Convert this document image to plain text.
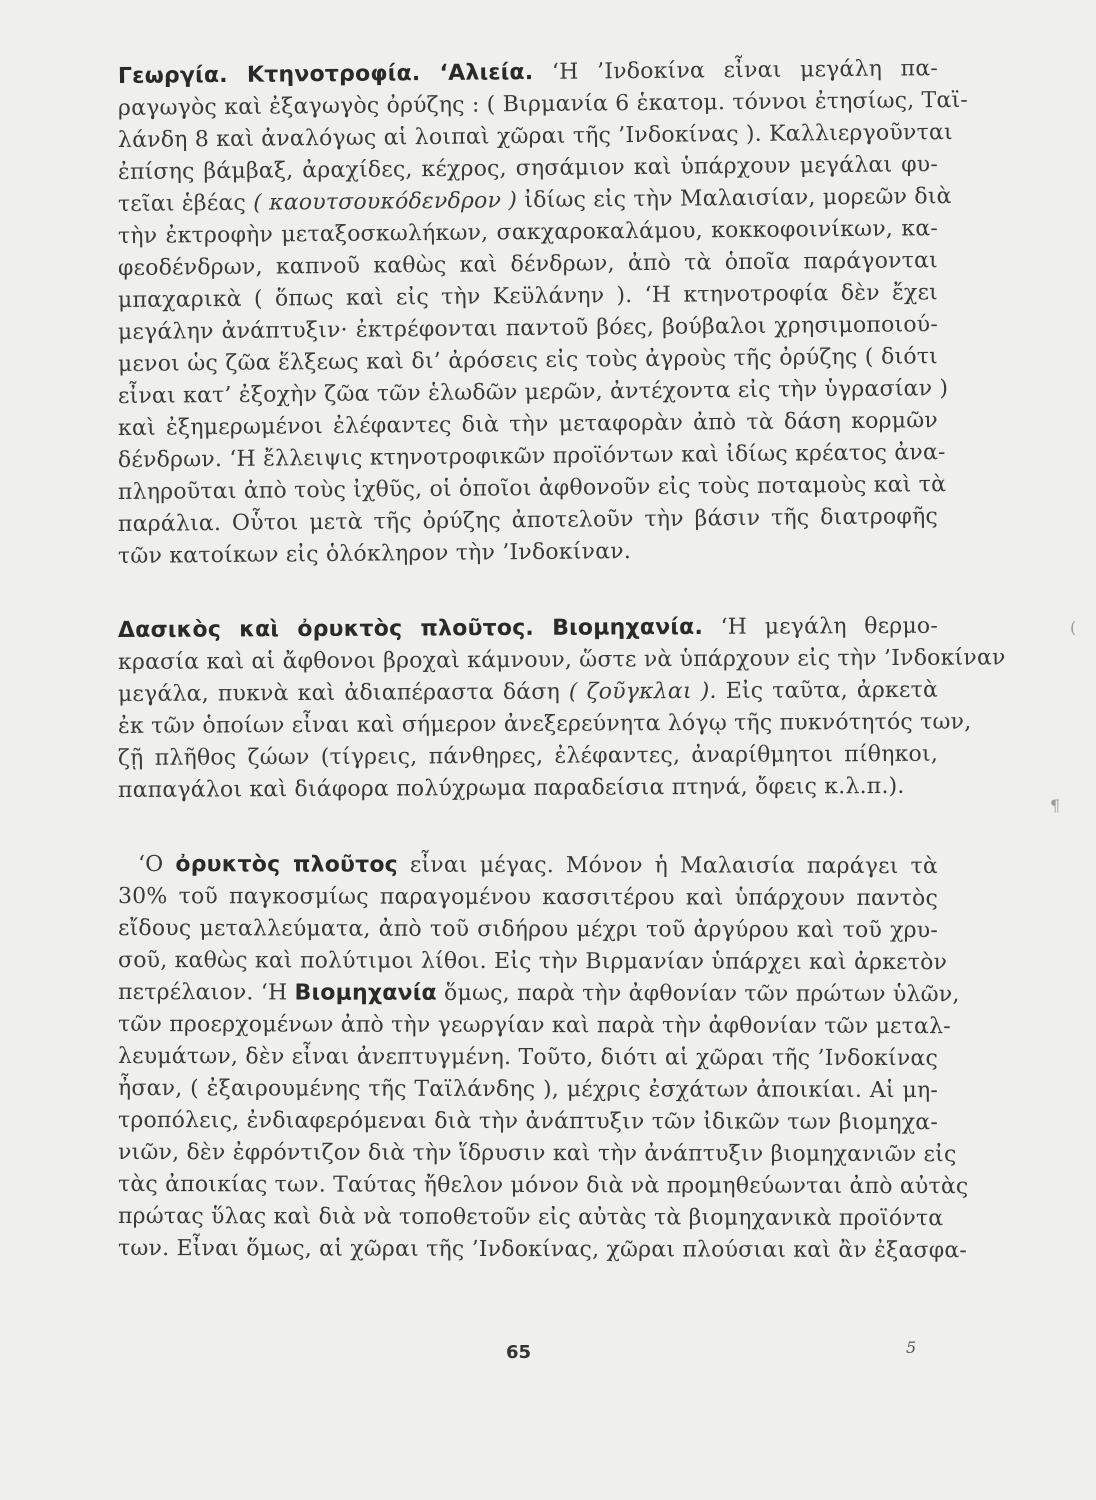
Γεωργία. Κτηνοτροφία. ‘Αλιεία. ‘Η ’Ινδοκίνα εἶναι μεγάλη πα-
ραγωγὸς καὶ ἐξαγωγὸς ὀρύζης : ( Βιρμανία 6 ἑκατομ. τόννοι ἐτησίως, Ταϊ-
λάνδη 8 καὶ ἀναλόγως αἱ λοιπαὶ χῶραι τῆς ’Ινδοκίνας ). Καλλιεργοῦνται
ἐπίσης βάμβαξ, ἀραχίδες, κέχρος, σησάμιον καὶ ὑπάρχουν μεγάλαι φυ-
τεῖαι ἑβέας ( καουτσουκόδενδρον ) ἰδίως εἰς τὴν Μαλαισίαν, μορεῶν διὰ
τὴν ἐκτροφὴν μεταξοσκωλήκων, σακχαροκαλάμου, κοκκοφοινίκων, κα-
φεοδένδρων, καπνοῦ καθὼς καὶ δένδρων, ἀπὸ τὰ ὁποῖα παράγονται
μπαχαρικὰ ( ὅπως καὶ εἰς τὴν Κεϋλάνην ). ‘Η κτηνοτροφία δὲν ἔχει
μεγάλην ἀνάπτυξιν· ἐκτρέφονται παντοῦ βόες, βούβαλοι χρησιμοποιού-
μενοι ὡς ζῶα ἕλξεως καὶ δι’ ἀρόσεις εἰς τοὺς ἀγροὺς τῆς ὀρύζης ( διότι
εἶναι κατ’ ἐξοχὴν ζῶα τῶν ἑλωδῶν μερῶν, ἀντέχοντα εἰς τὴν ὑγρασίαν )
καὶ ἐξημερωμένοι ἐλέφαντες διὰ τὴν μεταφορὰν ἀπὸ τὰ δάση κορμῶν
δένδρων. ‘Η ἔλλειψις κτηνοτροφικῶν προϊόντων καὶ ἰδίως κρέατος ἀνα-
πληροῦται ἀπὸ τοὺς ἰχθῦς, οἱ ὁποῖοι ἀφθονοῦν εἰς τοὺς ποταμοὺς καὶ τὰ
παράλια. Οὗτοι μετὰ τῆς ὀρύζης ἀποτελοῦν τὴν βάσιν τῆς διατροφῆς
τῶν κατοίκων εἰς ὁλόκληρον τὴν ’Ινδοκίναν.
Δασικὸς καὶ ὀρυκτὸς πλοῦτος. Βιομηχανία. ‘Η μεγάλη θερμο-
κρασία καὶ αἱ ἄφθονοι βροχαὶ κάμνουν, ὥστε νὰ ὑπάρχουν εἰς τὴν ’Ινδοκίναν
μεγάλα, πυκνὰ καὶ ἀδιαπέραστα δάση ( ζοῦγκλαι ). Εἰς ταῦτα, ἀρκετὰ
ἐκ τῶν ὁποίων εἶναι καὶ σήμερον ἀνεξερεύνητα λόγῳ τῆς πυκνότητός των,
ζῇ πλῆθος ζώων (τίγρεις, πάνθηρες, ἐλέφαντες, ἀναρίθμητοι πίθηκοι,
παπαγάλοι καὶ διάφορα πολύχρωμα παραδείσια πτηνά, ὄφεις κ.λ.π.).
‘Ο ὀρυκτὸς πλοῦτος εἶναι μέγας. Μόνον ἡ Μαλαισία παράγει τὰ
30% τοῦ παγκοσμίως παραγομένου κασσιτέρου καὶ ὑπάρχουν παντὸς
εἴδους μεταλλεύματα, ἀπὸ τοῦ σιδήρου μέχρι τοῦ ἀργύρου καὶ τοῦ χρυ-
σοῦ, καθὼς καὶ πολύτιμοι λίθοι. Εἰς τὴν Βιρμανίαν ὑπάρχει καὶ ἀρκετὸν
πετρέλαιον. ‘Η Βιομηχανία ὅμως, παρὰ τὴν ἀφθονίαν τῶν πρώτων ὑλῶν,
τῶν προερχομένων ἀπὸ τὴν γεωργίαν καὶ παρὰ τὴν ἀφθονίαν τῶν μεταλ-
λευμάτων, δὲν εἶναι ἀνεπτυγμένη. Τοῦτο, διότι αἱ χῶραι τῆς ’Ινδοκίνας
ἦσαν, ( ἐξαιρουμένης τῆς Ταϊλάνδης ), μέχρις ἐσχάτων ἀποικίαι. Αἱ μη-
τροπόλεις, ἐνδιαφερόμεναι διὰ τὴν ἀνάπτυξιν τῶν ἰδικῶν των βιομηχα-
νιῶν, δὲν ἐφρόντιζον διὰ τὴν ἵδρυσιν καὶ τὴν ἀνάπτυξιν βιομηχανιῶν εἰς
τὰς ἀποικίας των. Ταύτας ἤθελον μόνον διὰ νὰ προμηθεύωνται ἀπὸ αὐτὰς
πρώτας ὕλας καὶ διὰ νὰ τοποθετοῦν εἰς αὐτὰς τὰ βιομηχανικὰ προϊόντα
των. Εἶναι ὅμως, αἱ χῶραι τῆς ’Ινδοκίνας, χῶραι πλούσιαι καὶ ἂν ἐξασφα-
65	5
(
¶
